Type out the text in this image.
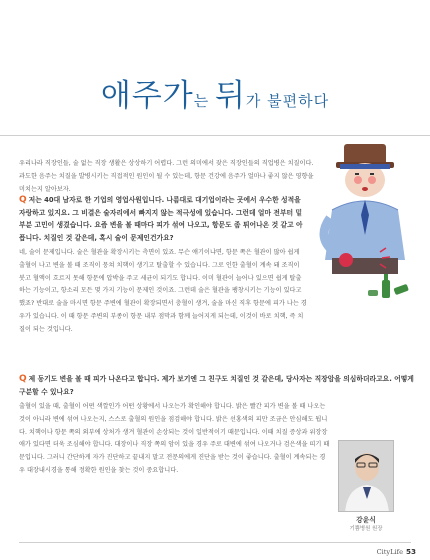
애주가는 뒤가 불편하다
우리나라 직장인들, 술 없는 직장 생활은 상상하기 어렵다. 그런 의미에서 잦은 직장인들의 직업병은 치질이다. 과도한 음주는 치질을 발병시키는 직접적인 원인이 될 수 있는데, 항문 건강에 음주가 얼마나 좋지 않은 영향을 미치는지 알아보자.
Q 저는 40대 남자로 한 기업의 영업사원입니다. 나름대로 대기업이라는 곳에서 우수한 성적을 자랑하고 있지요. 그 비결은 술자리에서 빠지지 않는 적극성에 있습니다. 그런데 얼마 전부터 밑 부분 고민이 생겼습니다. 요즘 변을 볼 때마다 피가 섞여 나오고, 항문도 좀 튀어나온 것 같고 아픕니다. 치질인 것 같은데, 혹시 술이 문제인건가요?
네, 술이 문제입니다. 술은 혈관을 확장시키는 측면이 있죠. 무슨 얘기이냐면, 항문 쪽은 혈관이 많아 쉽게 출혈이 나고 변을 볼 때 조직이 뭉쳐 치핵이 생기고 탈출할 수 있습니다. 그로 인한 출혈이 계속 돼 조직이 붓고 혈액이 흐르지 못해 항문에 압박을 주고 세균이 되기도 합니다. 이미 혈관이 늘어나 있으면 쉽게 탈출하는 기능이고, 항소리 모든 몇 가지 기능이 문제인 것이죠. 그런데 술은 혈관을 팽창시키는 기능이 있다고 했죠? 반대로 술을 마시면 항문 주변에 혈관이 확장되면서 충혈이 생겨, 술을 마신 직후 항문에 피가 나는 경우가 있습니다. 이 때 항문 주변의 부종이 항문 내부 점막과 함께 늘어지게 되는데, 이것이 바로 치핵, 즉 치질이 되는 것입니다.
Q 제 동기도 변을 볼 때 피가 나온다고 합니다. 제가 보기엔 그 친구도 치질인 것 같은데, 당사자는 직장암을 의심하더라고요. 어떻게 구분할 수 있나요?
출혈이 있을 때, 출혈이 어떤 색깔인가 어떤 상황에서 나오는가 확인해야 합니다. 밝은 빨간 피가 변을 볼 때 나오는 것이 아니라 변에 섞여 나오는지, 스스로 출혈의 원인을 점검해야 합니다. 밝은 선홍색의 피만 조금은 안심해도 됩니다. 치핵이나 항문 쪽의 외부에 상처가 생겨 혈관이 손상되는 것이 일반적이기 때문입니다. 이때 치질 증상과 위장장애가 있다면 더욱 조심해야 합니다. 대장이나 직장 쪽의 암이 있을 경우 주로 대변에 섞여 나오거나 검은색을 띠기 때문입니다. 그러니 간단하게 자가 진단하고 끝내지 말고 전문의에게 진단을 받는 것이 좋습니다. 출혈이 계속되는 경우 대장내시경을 통해 정확한 원인을 찾는 것이 중요합니다.
강윤식
기쁨병원 원장
CityLife 53
